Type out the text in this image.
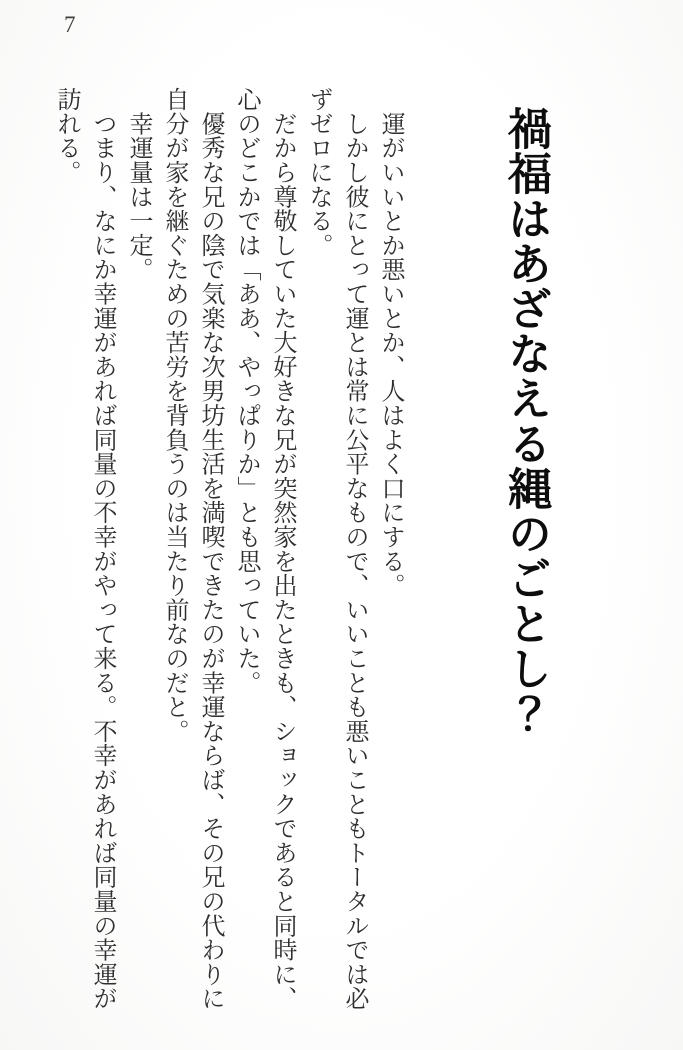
7
禍福はあざなえる縄のごとし？

　運がいいとか悪いとか、人はよく口にする。

　しかし彼にとって運とは常に公平なもので、いいことも悪いこともトータルでは必

ずゼロになる。

　だから尊敬していた大好きな兄が突然家を出たときも、ショックであると同時に、

心のどこかでは「ああ、やっぱりか」とも思っていた。

　優秀な兄の陰で気楽な次男坊生活を満喫できたのが幸運ならば、その兄の代わりに

自分が家を継ぐための苦労を背負うのは当たり前なのだと。

　幸運量は一定。

　つまり、なにか幸運があれば同量の不幸がやって来る。不幸があれば同量の幸運が

訪れる。
